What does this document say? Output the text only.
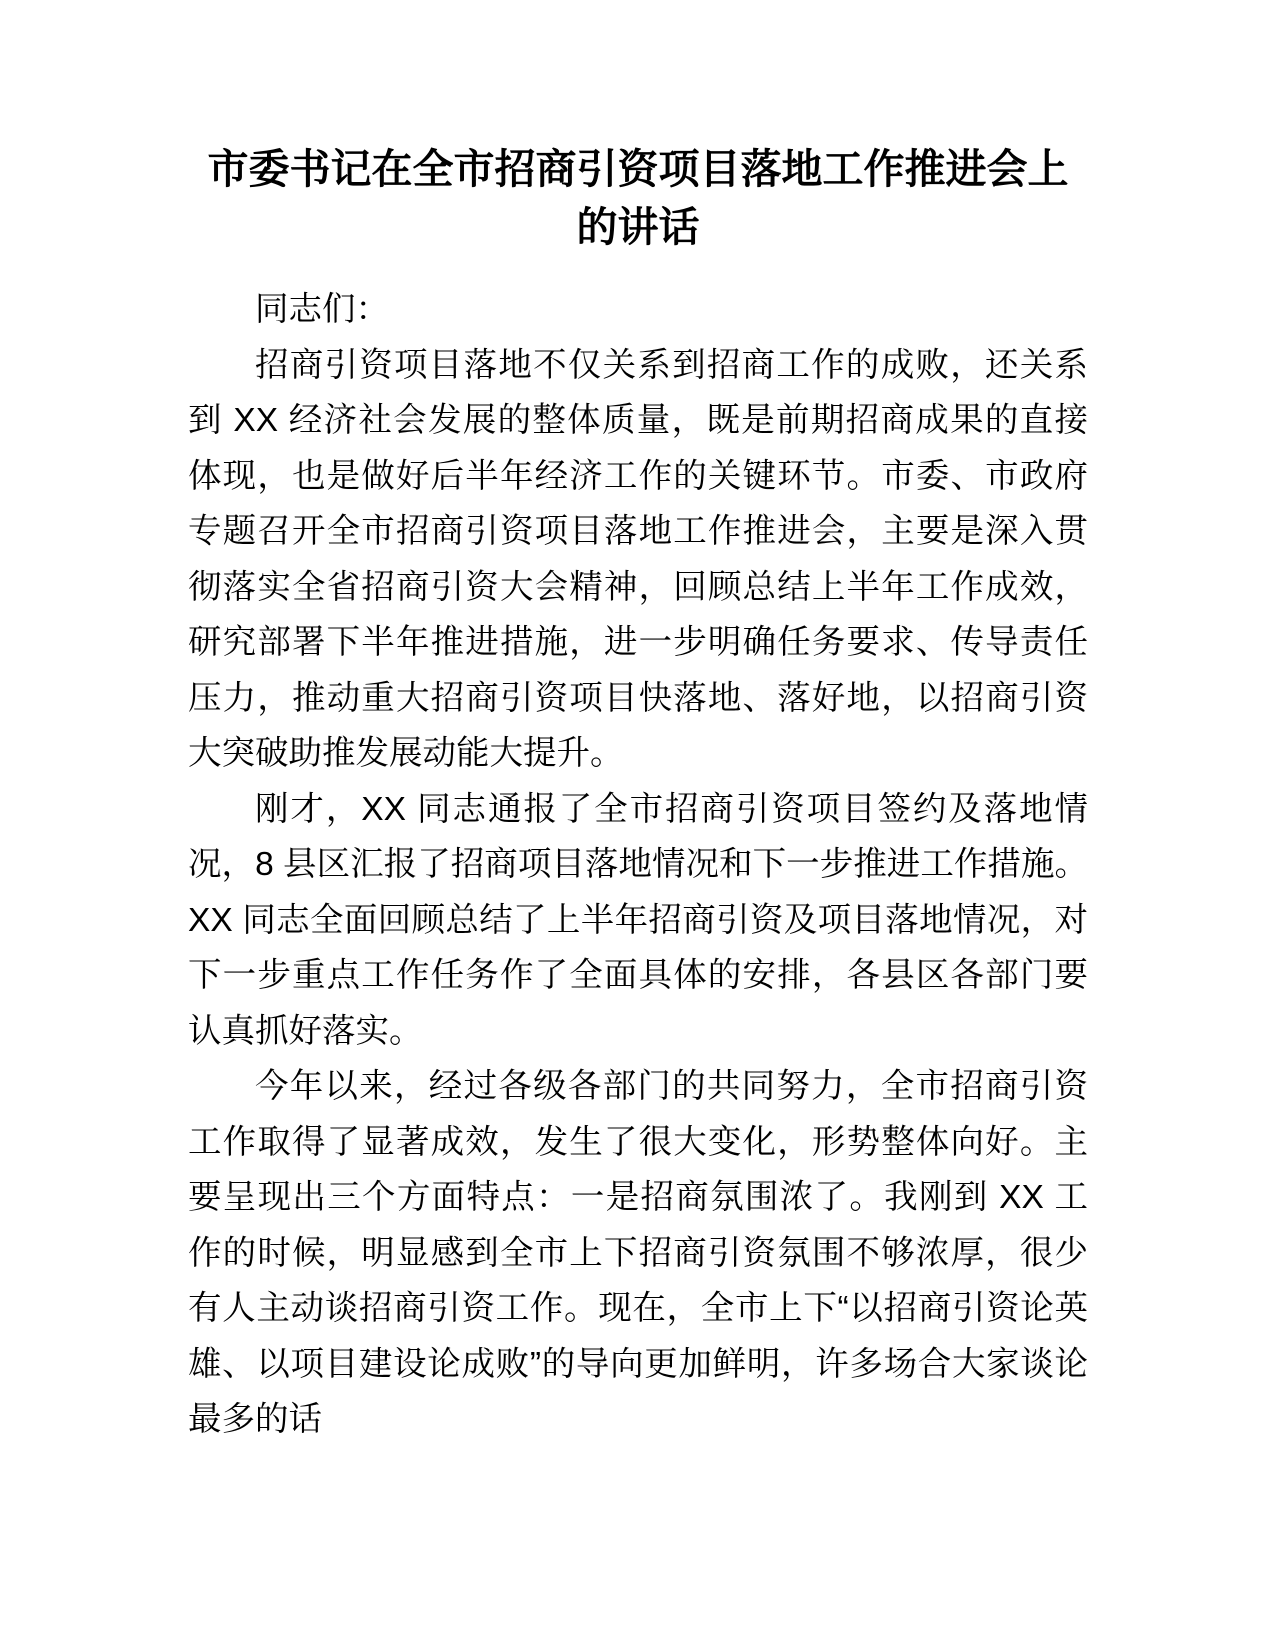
市委书记在全市招商引资项目落地工作推进会上的讲话

同志们：

招商引资项目落地不仅关系到招商工作的成败，还关系到 XX 经济社会发展的整体质量，既是前期招商成果的直接体现，也是做好后半年经济工作的关键环节。市委、市政府专题召开全市招商引资项目落地工作推进会，主要是深入贯彻落实全省招商引资大会精神，回顾总结上半年工作成效，研究部署下半年推进措施，进一步明确任务要求、传导责任压力，推动重大招商引资项目快落地、落好地，以招商引资大突破助推发展动能大提升。

刚才，XX 同志通报了全市招商引资项目签约及落地情况，8 县区汇报了招商项目落地情况和下一步推进工作措施。XX 同志全面回顾总结了上半年招商引资及项目落地情况，对下一步重点工作任务作了全面具体的安排，各县区各部门要认真抓好落实。

今年以来，经过各级各部门的共同努力，全市招商引资工作取得了显著成效，发生了很大变化，形势整体向好。主要呈现出三个方面特点：一是招商氛围浓了。我刚到 XX 工作的时候，明显感到全市上下招商引资氛围不够浓厚，很少有人主动谈招商引资工作。现在，全市上下“以招商引资论英雄、以项目建设论成败”的导向更加鲜明，许多场合大家谈论最多的话
